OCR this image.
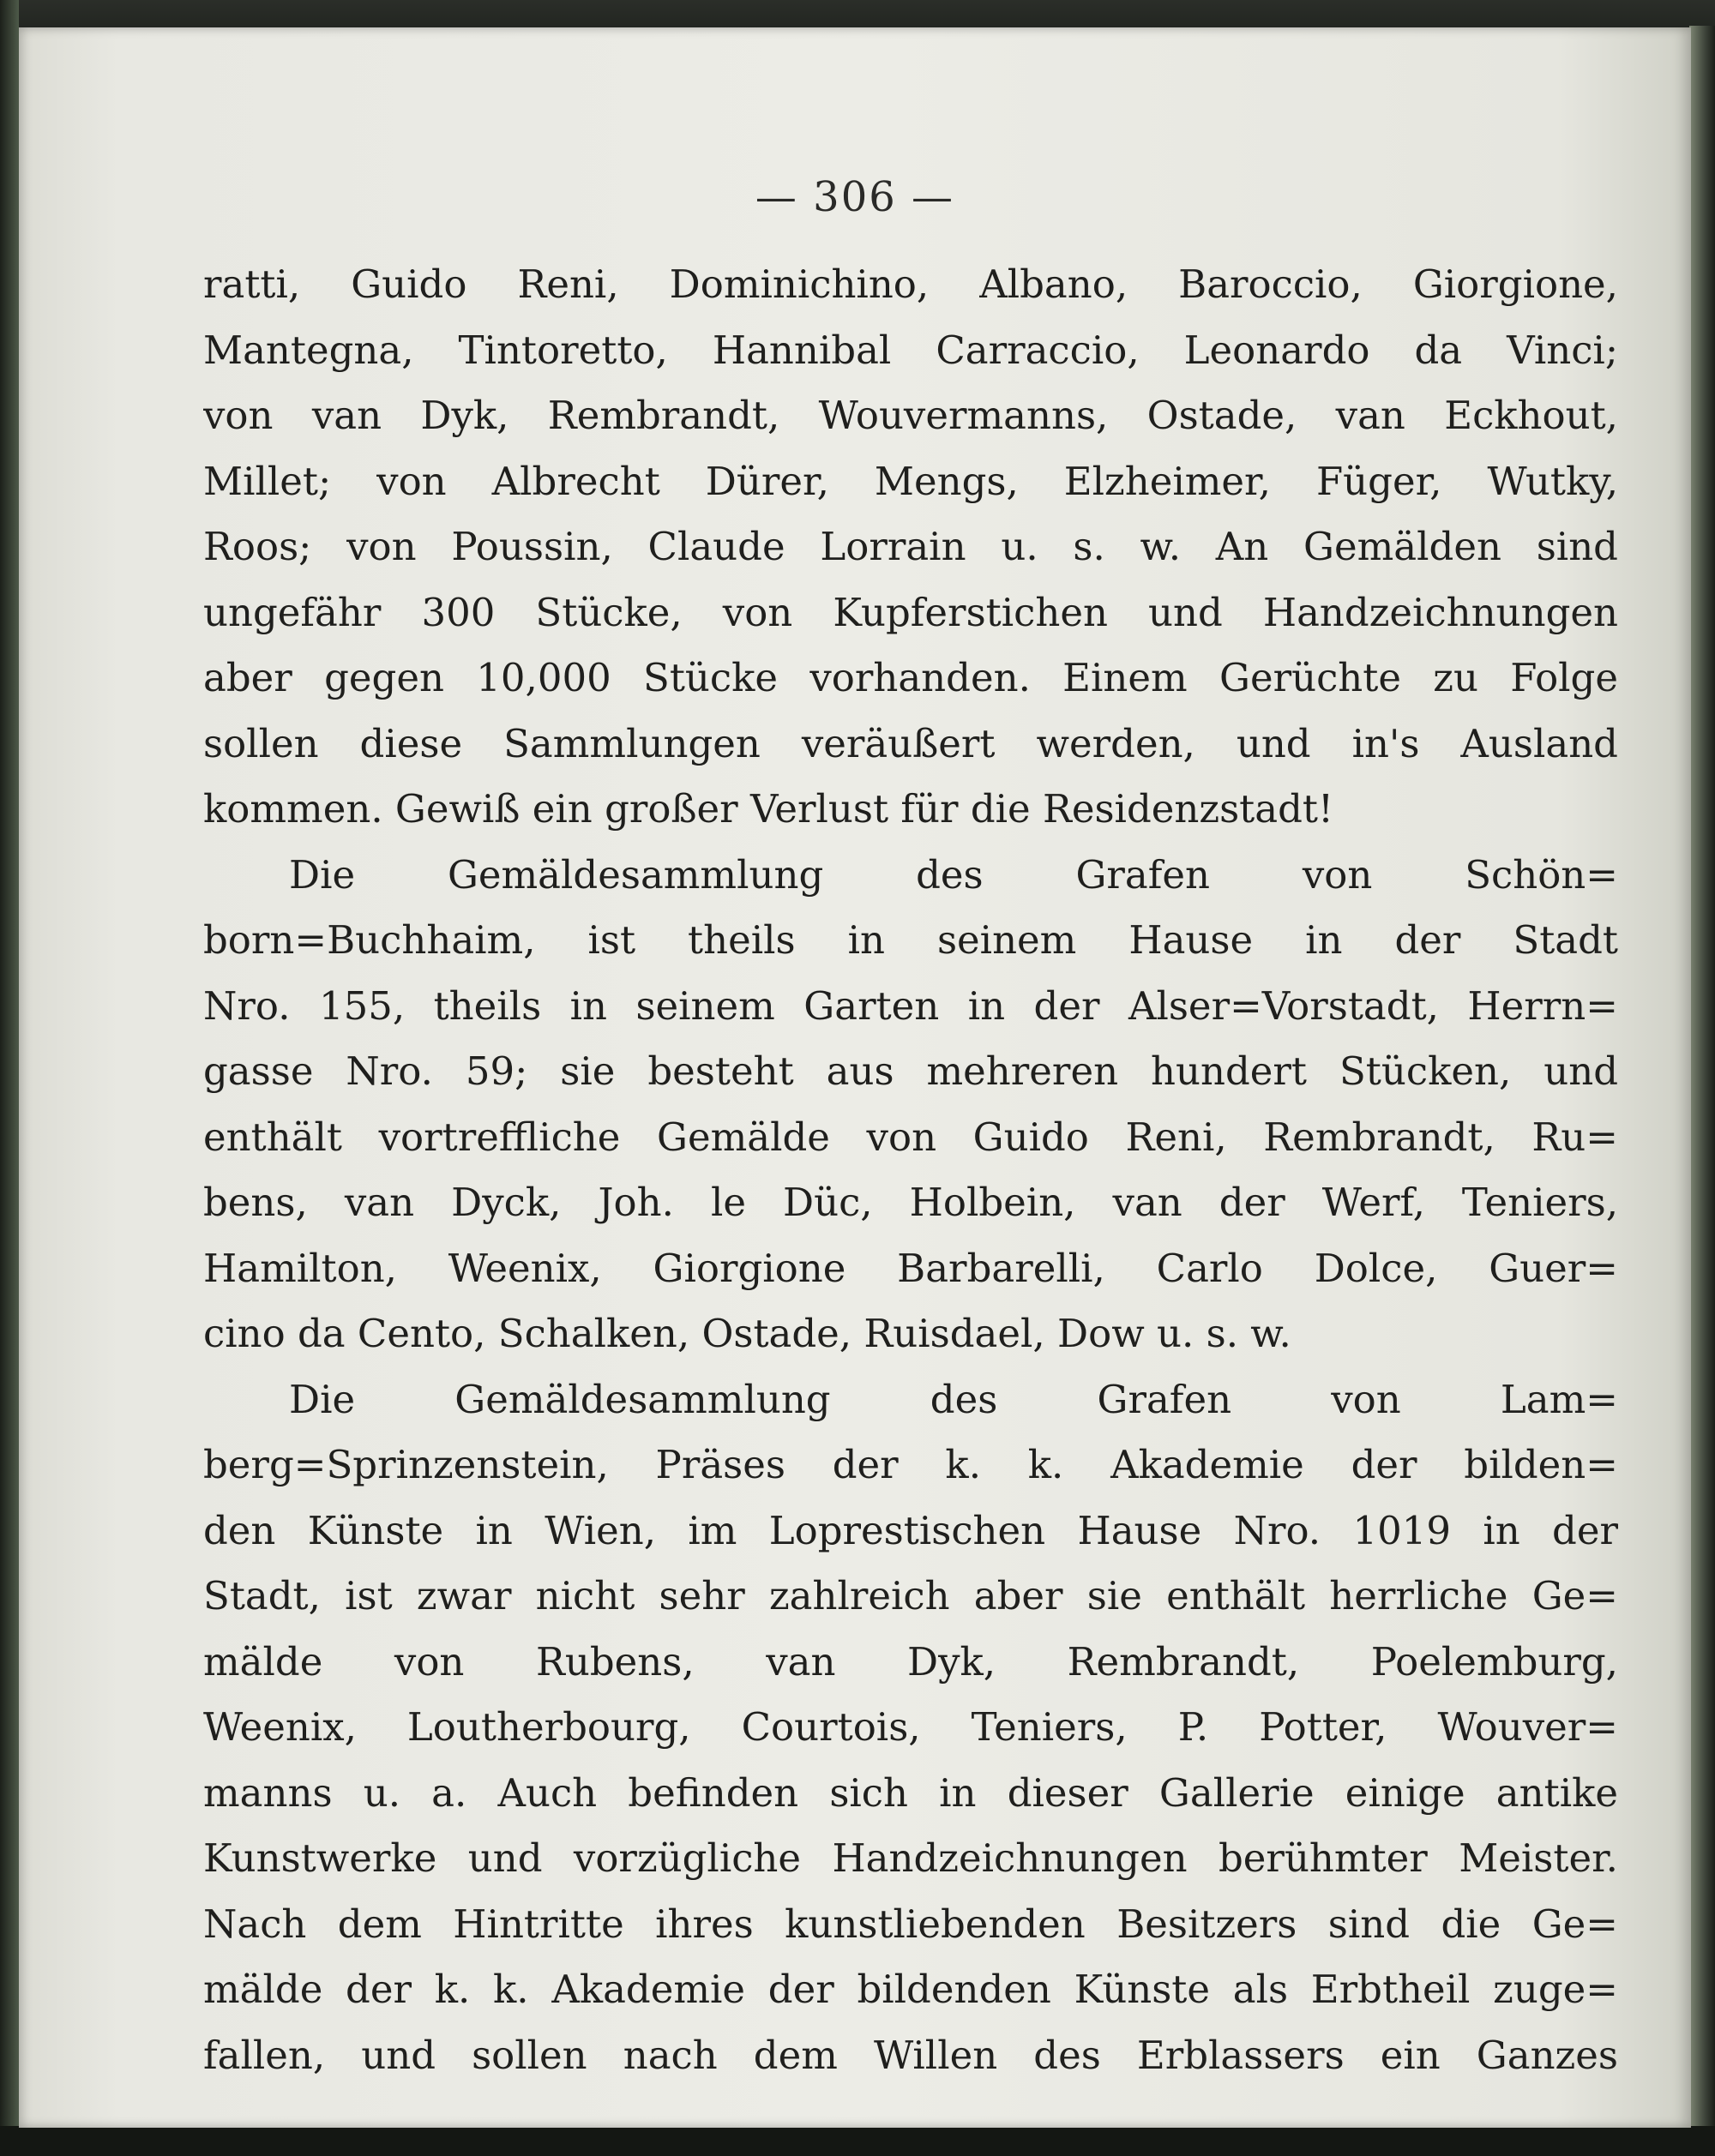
— 306 —
ratti, Guido Reni, Dominichino, Albano, Baroccio, Giorgione,
Mantegna, Tintoretto, Hannibal Carraccio, Leonardo da Vinci;
von van Dyk, Rembrandt, Wouvermanns, Ostade, van Eckhout,
Millet; von Albrecht Dürer, Mengs, Elzheimer, Füger, Wutky,
Roos; von Poussin, Claude Lorrain u. s. w. An Gemälden sind
ungefähr 300 Stücke, von Kupferstichen und Handzeichnungen
aber gegen 10,000 Stücke vorhanden. Einem Gerüchte zu Folge
sollen diese Sammlungen veräußert werden, und in's Ausland
kommen. Gewiß ein großer Verlust für die Residenzstadt!
Die Gemäldesammlung des Grafen von Schön=
born=Buchhaim, ist theils in seinem Hause in der Stadt
Nro. 155, theils in seinem Garten in der Alser=Vorstadt, Herrn=
gasse Nro. 59; sie besteht aus mehreren hundert Stücken, und
enthält vortreffliche Gemälde von Guido Reni, Rembrandt, Ru=
bens, van Dyck, Joh. le Düc, Holbein, van der Werf, Teniers,
Hamilton, Weenix, Giorgione Barbarelli, Carlo Dolce, Guer=
cino da Cento, Schalken, Ostade, Ruisdael, Dow u. s. w.
Die Gemäldesammlung des Grafen von Lam=
berg=Sprinzenstein, Präses der k. k. Akademie der bilden=
den Künste in Wien, im Loprestischen Hause Nro. 1019 in der
Stadt, ist zwar nicht sehr zahlreich aber sie enthält herrliche Ge=
mälde von Rubens, van Dyk, Rembrandt, Poelemburg,
Weenix, Loutherbourg, Courtois, Teniers, P. Potter, Wouver=
manns u. a. Auch befinden sich in dieser Gallerie einige antike
Kunstwerke und vorzügliche Handzeichnungen berühmter Meister.
Nach dem Hintritte ihres kunstliebenden Besitzers sind die Ge=
mälde der k. k. Akademie der bildenden Künste als Erbtheil zuge=
fallen, und sollen nach dem Willen des Erblassers ein Ganzes
